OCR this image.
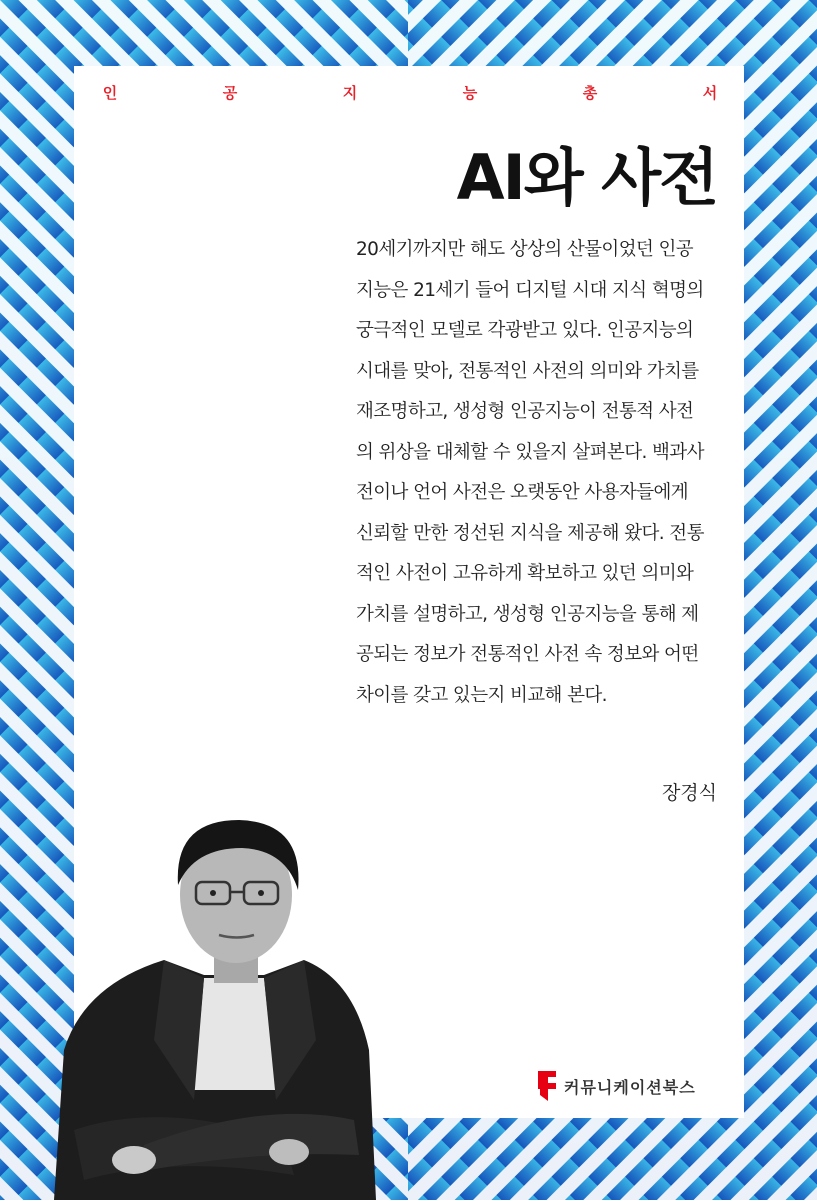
인	공	지	능	총	서
AI와 사전
20세기까지만 해도 상상의 산물이었던 인공
지능은 21세기 들어 디지털 시대 지식 혁명의
궁극적인 모델로 각광받고 있다. 인공지능의
시대를 맞아, 전통적인 사전의 의미와 가치를
재조명하고, 생성형 인공지능이 전통적 사전
의 위상을 대체할 수 있을지 살펴본다. 백과사
전이나 언어 사전은 오랫동안 사용자들에게
신뢰할 만한 정선된 지식을 제공해 왔다. 전통
적인 사전이 고유하게 확보하고 있던 의미와
가치를 설명하고, 생성형 인공지능을 통해 제
공되는 정보가 전통적인 사전 속 정보와 어떤
차이를 갖고 있는지 비교해 본다.
장경식
커뮤니케이션북스
